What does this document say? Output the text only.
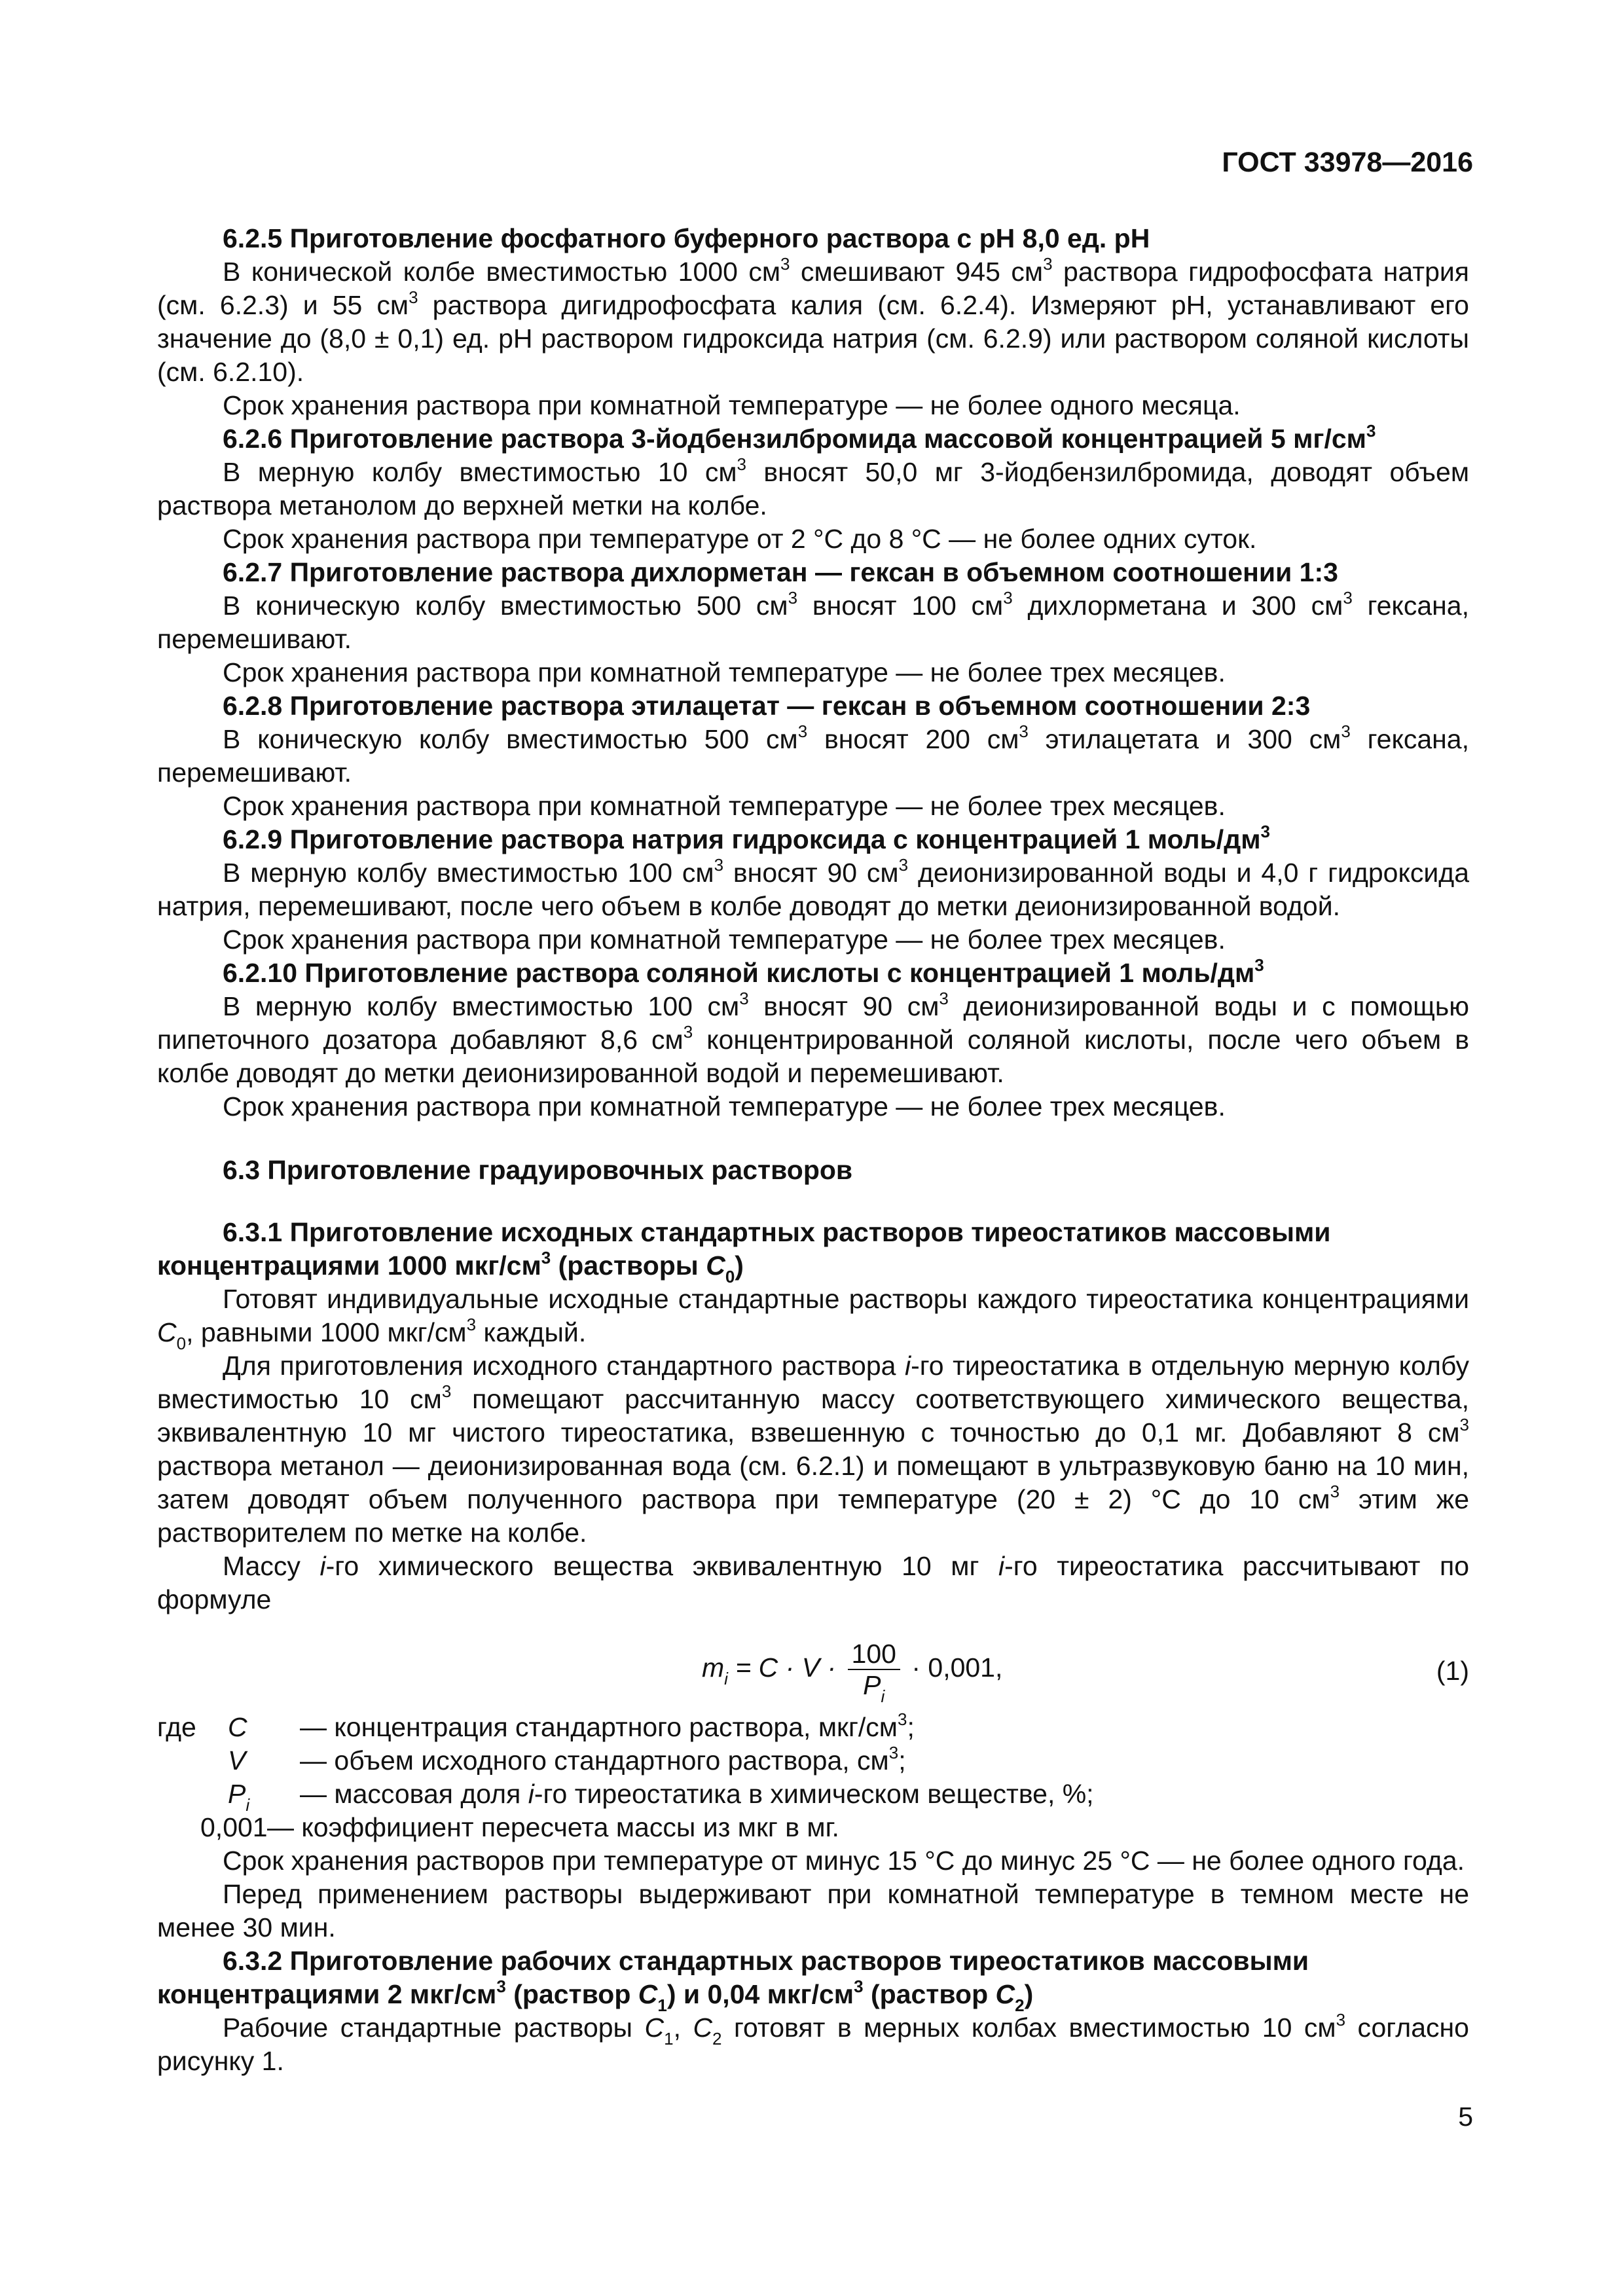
ГОСТ 33978—2016

6.2.5 Приготовление фосфатного буферного раствора с pH 8,0 ед. pH

В конической колбе вместимостью 1000 $см^3$ смешивают 945 $см^3$ раствора гидрофосфата натрия (см. 6.2.3) и 55 $см^3$ раствора дигидрофосфата калия (см. 6.2.4). Измеряют pH, устанавливают его значение до (8,0 ± 0,1) ед. pH раствором гидроксида натрия (см. 6.2.9) или раствором соляной кислоты (см. 6.2.10).

Срок хранения раствора при комнатной температуре — не более одного месяца.

6.2.6 Приготовление раствора 3-йодбензилбромида массовой концентрацией 5 $мг/см^3$

В мерную колбу вместимостью 10 $см^3$ вносят 50,0 мг 3-йодбензилбромида, доводят объем раствора метанолом до верхней метки на колбе.

Срок хранения раствора при температуре от 2 °С до 8 °С — не более одних суток.

6.2.7 Приготовление раствора дихлорметан — гексан в объемном соотношении 1:3

В коническую колбу вместимостью 500 $см^3$ вносят 100 $см^3$ дихлорметана и 300 $см^3$ гексана, перемешивают.

Срок хранения раствора при комнатной температуре — не более трех месяцев.

6.2.8 Приготовление раствора этилацетат — гексан в объемном соотношении 2:3

В коническую колбу вместимостью 500 $см^3$ вносят 200 $см^3$ этилацетата и 300 $см^3$ гексана, перемешивают.

Срок хранения раствора при комнатной температуре — не более трех месяцев.

6.2.9 Приготовление раствора натрия гидроксида с концентрацией 1 моль/$дм^3$

В мерную колбу вместимостью 100 $см^3$ вносят 90 $см^3$ деионизированной воды и 4,0 г гидроксида натрия, перемешивают, после чего объем в колбе доводят до метки деионизированной водой.

Срок хранения раствора при комнатной температуре — не более трех месяцев.

6.2.10 Приготовление раствора соляной кислоты с концентрацией 1 моль/$дм^3$

В мерную колбу вместимостью 100 $см^3$ вносят 90 $см^3$ деионизированной воды и с помощью пипеточного дозатора добавляют 8,6 $см^3$ концентрированной соляной кислоты, после чего объем в колбе доводят до метки деионизированной водой и перемешивают.

Срок хранения раствора при комнатной температуре — не более трех месяцев.

6.3 Приготовление градуировочных растворов

6.3.1 Приготовление исходных стандартных растворов тиреостатиков массовыми концентрациями 1000 мкг/$см^3$ (растворы $C_0$)

Готовят индивидуальные исходные стандартные растворы каждого тиреостатика концентрациями $C_0$, равными 1000 мкг/$см^3$ каждый.

Для приготовления исходного стандартного раствора i-го тиреостатика в отдельную мерную колбу вместимостью 10 $см^3$ помещают рассчитанную массу соответствующего химического вещества, эквивалентную 10 мг чистого тиреостатика, взвешенную с точностью до 0,1 мг. Добавляют 8 $см^3$ раствора метанол — деионизированная вода (см. 6.2.1) и помещают в ультразвуковую баню на 10 мин, затем доводят объем полученного раствора при температуре (20 ± 2) °С до 10 $см^3$ этим же растворителем по метке на колбе.

Массу i-го химического вещества эквивалентную 10 мг i-го тиреостатика рассчитывают по формуле

$m_i = C \cdot V \cdot \frac{100}{P_i} \cdot 0,001$,	(1)
где	C	— концентрация стандартного раствора, мкг/$см^3$;
V	— объем исходного стандартного раствора, $см^3$;
$P_i$	— массовая доля i-го тиреостатика в химическом веществе, %;
0,001 — коэффициент пересчета массы из мкг в мг.

Срок хранения растворов при температуре от минус 15 °С до минус 25 °С — не более одного года.

Перед применением растворы выдерживают при комнатной температуре в темном месте не менее 30 мин.

6.3.2 Приготовление рабочих стандартных растворов тиреостатиков массовыми концентрациями 2 мкг/$см^3$ (раствор $C_1$) и 0,04 мкг/$см^3$ (раствор $C_2$)

Рабочие стандартные растворы $C_1$, $C_2$ готовят в мерных колбах вместимостью 10 $см^3$ согласно рисунку 1.

5
